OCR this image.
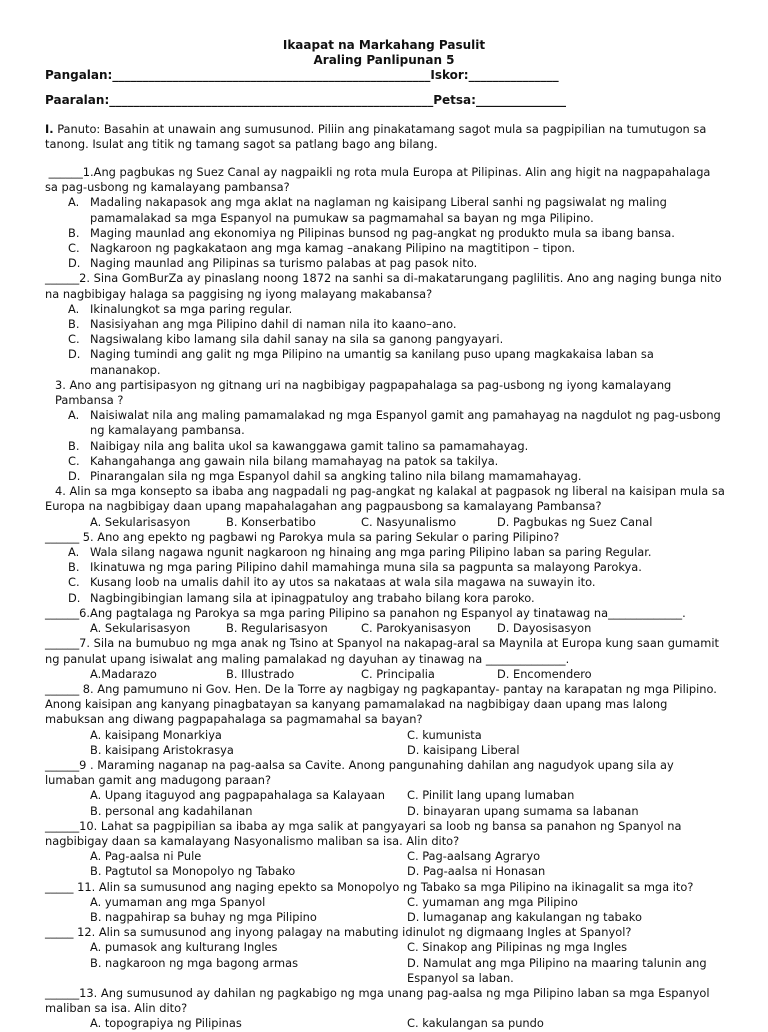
Ikaapat na Markahang Pasulit
Araling Panlipunan 5
Pangalan:_____________________________________________________Iskor:_______________
Paaralan:______________________________________________________Petsa:_______________
I. Panuto: Basahin at unawain ang sumusunod. Piliin ang pinakatamang sagot mula sa pagpipilian na tumutugon sa tanong. Isulat ang titik ng tamang sagot sa patlang bago ang bilang.

______1.Ang pagbukas ng Suez Canal ay nagpaikli ng rota mula Europa at Pilipinas. Alin ang higit na nagpapahalaga sa pag-usbong ng kamalayang pambansa?

A. Madaling nakapasok ang mga aklat na naglaman ng kaisipang Liberal sanhi ng pagsiwalat ng maling pamamalakad sa mga Espanyol na pumukaw sa pagmamahal sa bayan ng mga Pilipino.

B. Maging maunlad ang ekonomiya ng Pilipinas bunsod ng pag-angkat ng produkto mula sa ibang bansa.

C. Nagkaroon ng pagkakataon ang mga kamag –anakang Pilipino na magtitipon – tipon.

D. Naging maunlad ang Pilipinas sa turismo palabas at pag pasok nito.

______2. Sina GomBurZa ay pinaslang noong 1872 na sanhi sa di-makatarungang paglilitis. Ano ang naging bunga nito na nagbibigay halaga sa paggising ng iyong malayang makabansa?

A. Ikinalungkot sa mga paring regular.

B. Nasisiyahan ang mga Pilipino dahil di naman nila ito kaano–ano.

C. Nagsiwalang kibo lamang sila dahil sanay na sila sa ganong pangyayari.

D. Naging tumindi ang galit ng mga Pilipino na umantig sa kanilang puso upang magkakaisa laban sa mananakop.

3. Ano ang partisipasyon ng gitnang uri na nagbibigay pagpapahalaga sa pag-usbong ng iyong kamalayang Pambansa ?

A. Naisiwalat nila ang maling pamamalakad ng mga Espanyol gamit ang pamahayag na nagdulot ng pag-usbong ng kamalayang pambansa.

B. Naibigay nila ang balita ukol sa kawanggawa gamit talino sa pamamahayag.

C. Kahangahanga ang gawain nila bilang mamahayag na patok sa takilya.

D. Pinarangalan sila ng mga Espanyol dahil sa angking talino nila bilang mamamahayag.

4. Alin sa mga konsepto sa ibaba ang nagpadali ng pag-angkat ng kalakal at pagpasok ng liberal na kaisipan mula sa Europa na nagbibigay daan upang mapahalagahan ang pagpausbong sa kamalayang Pambansa?

A. Sekularisasyon	B. Konserbatibo	C. Nasyunalismo	D. Pagbukas ng Suez Canal

______ 5. Ano ang epekto ng pagbawi ng Parokya mula sa paring Sekular o paring Pilipino?

A. Wala silang nagawa ngunit nagkaroon ng hinaing ang mga paring Pilipino laban sa paring Regular.

B. Ikinatuwa ng mga paring Pilipino dahil mamahinga muna sila sa pagpunta sa malayong Parokya.

C. Kusang loob na umalis dahil ito ay utos sa nakataas at wala sila magawa na suwayin ito.

D. Nagbingibingian lamang sila at ipinagpatuloy ang trabaho bilang kora paroko.

______6.Ang pagtalaga ng Parokya sa mga paring Pilipino sa panahon ng Espanyol ay tinatawag na_____________.

A. Sekularisasyon	B. Regularisasyon	C. Parokyanisasyon	D. Dayosisasyon

______7. Sila na bumubuo ng mga anak ng Tsino at Spanyol na nakapag-aral sa Maynila at Europa kung saan gumamit ng panulat upang isiwalat ang maling pamalakad ng dayuhan ay tinawag na ______________.

A.Madarazo	B. Illustrado	C. Principalia	D. Encomendero

______ 8. Ang pamumuno ni Gov. Hen. De la Torre ay nagbigay ng pagkapantay- pantay na karapatan ng mga Pilipino. Anong kaisipan ang kanyang pinagbatayan sa kanyang pamamalakad na nagbibigay daan upang mas lalong mabuksan ang diwang pagpapahalaga sa pagmamahal sa bayan?

A. kaisipang Monarkiya	C. kumunista
B. kaisipang Aristokrasya	D. kaisipang Liberal

______9 . Maraming naganap na pag-aalsa sa Cavite. Anong pangunahing dahilan ang nagudyok upang sila ay lumaban gamit ang madugong paraan?

A. Upang itaguyod ang pagpapahalaga sa Kalayaan	C. Pinilit lang upang lumaban
B. personal ang kadahilanan	D. binayaran upang sumama sa labanan

______10. Lahat sa pagpipilian sa ibaba ay mga salik at pangyayari sa loob ng bansa sa panahon ng Spanyol na nagbibigay daan sa kamalayang Nasyonalismo maliban sa isa. Alin dito?

A. Pag-aalsa ni Pule	C. Pag-aalsang Agraryo
B. Pagtutol sa Monopolyo ng Tabako	D. Pag-aalsa ni Honasan

_____ 11. Alin sa sumusunod ang naging epekto sa Monopolyo ng Tabako sa mga Pilipino na ikinagalit sa mga ito?

A. yumaman ang mga Spanyol	C. yumaman ang mga Pilipino
B. nagpahirap sa buhay ng mga Pilipino	D. lumaganap ang kakulangan ng tabako

_____ 12. Alin sa sumusunod ang inyong palagay na mabuting idinulot ng digmaang Ingles at Spanyol?

A. pumasok ang kulturang Ingles	C. Sinakop ang Pilipinas ng mga Ingles
B. nagkaroon ng mga bagong armas	D. Namulat ang mga Pilipino na maaring talunin ang Espanyol sa laban.

______13. Ang sumusunod ay dahilan ng pagkabigo ng mga unang pag-aalsa ng mga Pilipino laban sa mga Espanyol maliban sa isa. Alin dito?

A. topograpiya ng Pilipinas	C. kakulangan sa pundo
